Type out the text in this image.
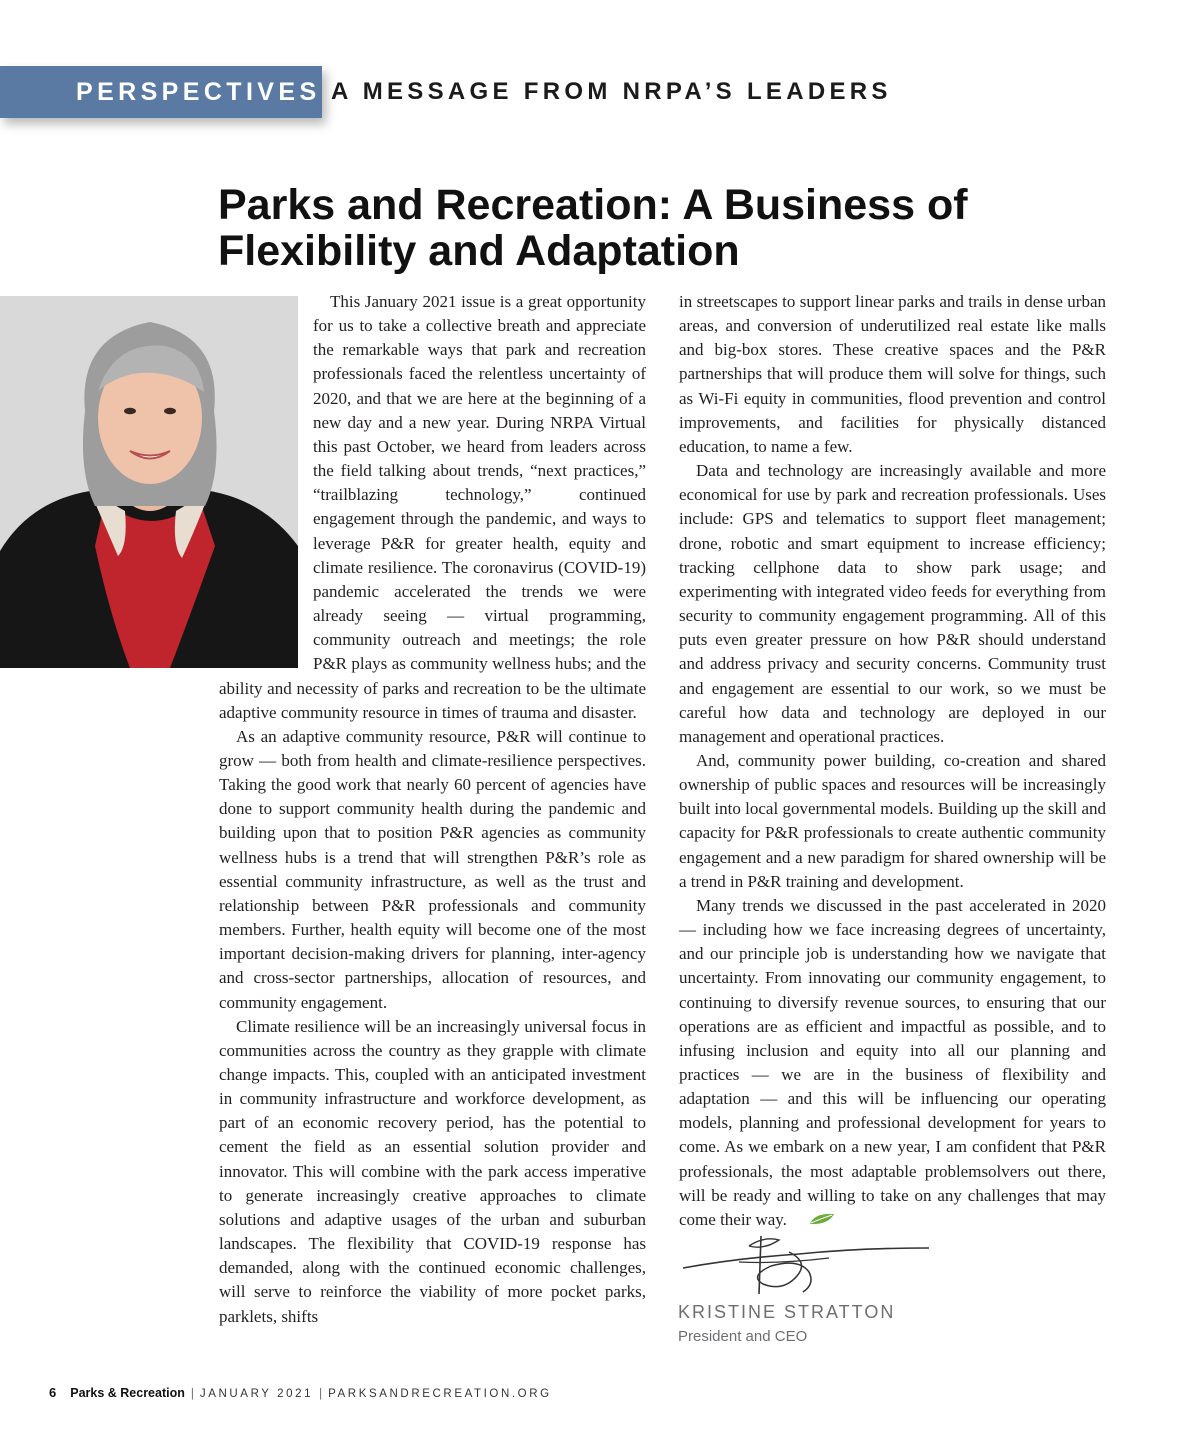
PERSPECTIVES A MESSAGE FROM NRPA’S LEADERS
Parks and Recreation: A Business of Flexibility and Adaptation

This January 2021 issue is a great opportunity for us to take a collective breath and appreciate the remarkable ways that park and recreation professionals faced the relentless uncertainty of 2020, and that we are here at the beginning of a new day and a new year. During NRPA Virtual this past October, we heard from leaders across the field talking about trends, “next practices,” “trailblazing technology,” continued engagement through the pandemic, and ways to leverage P&R for greater health, equity and climate resilience. The coronavirus (COVID-19) pandemic accelerated the trends we were already seeing — virtual programming, community outreach and meetings; the role P&R plays as community wellness hubs; and the ability and necessity of parks and recreation to be the ultimate adaptive community resource in times of trauma and disaster.

As an adaptive community resource, P&R will continue to grow — both from health and climate-resilience perspectives. Taking the good work that nearly 60 percent of agencies have done to support community health during the pandemic and building upon that to position P&R agencies as community wellness hubs is a trend that will strengthen P&R’s role as essential community infrastructure, as well as the trust and relationship between P&R professionals and community members. Further, health equity will become one of the most important decision-making drivers for planning, inter-agency and cross-sector partnerships, allocation of resources, and community engagement.

Climate resilience will be an increasingly universal focus in communities across the country as they grapple with climate change impacts. This, coupled with an anticipated investment in community infrastructure and workforce development, as part of an economic recovery period, has the potential to cement the field as an essential solution provider and innovator. This will combine with the park access imperative to generate increasingly creative approaches to climate solutions and adaptive usages of the urban and suburban landscapes. The flexibility that COVID-19 response has demanded, along with the continued economic challenges, will serve to reinforce the viability of more pocket parks, parklets, shifts

in streetscapes to support linear parks and trails in dense urban areas, and conversion of underutilized real estate like malls and big-box stores. These creative spaces and the P&R partnerships that will produce them will solve for things, such as Wi-Fi equity in communities, flood prevention and control improvements, and facilities for physically distanced education, to name a few.

Data and technology are increasingly available and more economical for use by park and recreation professionals. Uses include: GPS and telematics to support fleet management; drone, robotic and smart equipment to increase efficiency; tracking cellphone data to show park usage; and experimenting with integrated video feeds for everything from security to community engagement programming. All of this puts even greater pressure on how P&R should understand and address privacy and security concerns. Community trust and engagement are essential to our work, so we must be careful how data and technology are deployed in our management and operational practices.

And, community power building, co-creation and shared ownership of public spaces and resources will be increasingly built into local governmental models. Building up the skill and capacity for P&R professionals to create authentic community engagement and a new paradigm for shared ownership will be a trend in P&R training and development.

Many trends we discussed in the past accelerated in 2020 — including how we face increasing degrees of uncertainty, and our principle job is understanding how we navigate that uncertainty. From innovating our community engagement, to continuing to diversify revenue sources, to ensuring that our operations are as efficient and impactful as possible, and to infusing inclusion and equity into all our planning and practices — we are in the business of flexibility and adaptation — and this will be influencing our operating models, planning and professional development for years to come. As we embark on a new year, I am confident that P&R professionals, the most adaptable problemsolvers out there, will be ready and willing to take on any challenges that may come their way.

KRISTINE STRATTON
President and CEO
6 Parks & Recreation | JANUARY 2021 | PARKSANDRECREATION.ORG
